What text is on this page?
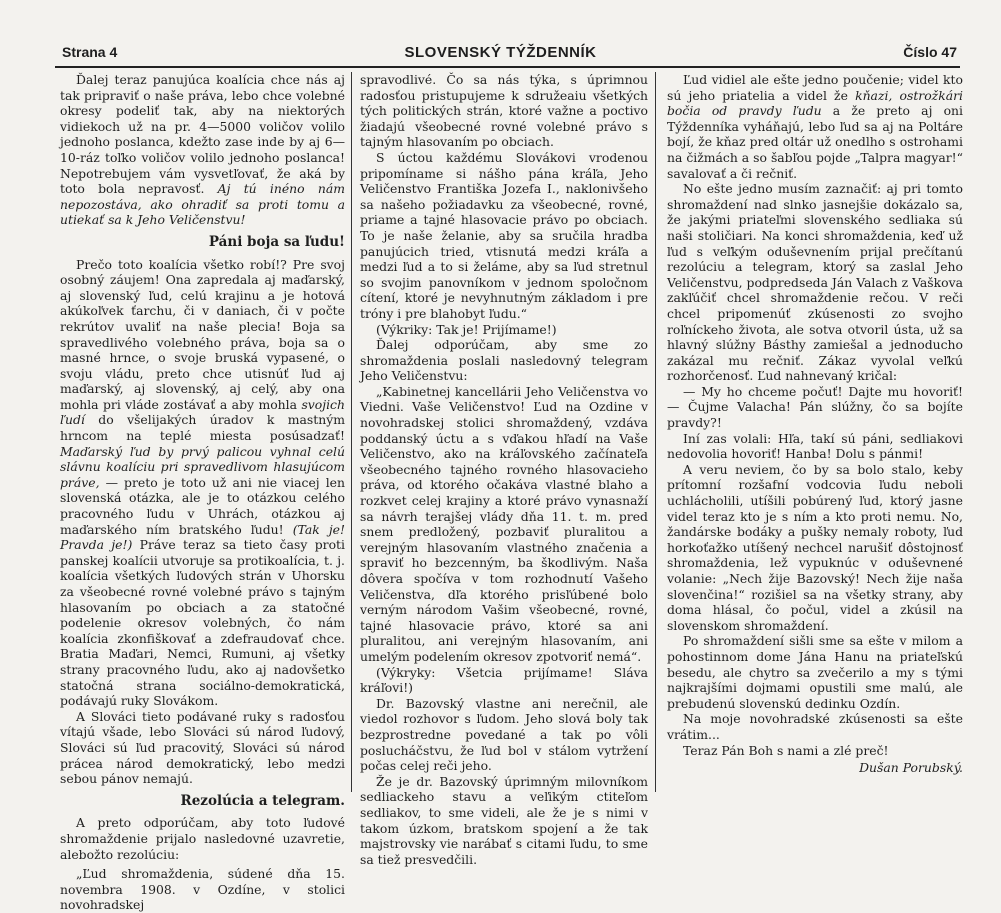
Strana 4	SLOVENSKÝ TÝŽDENNÍK	Číslo 47

Ďalej teraz panujúca koalícia chce nás aj tak pripraviť o naše práva, lebo chce volebné okresy podeliť tak, aby na niektorých vidiekoch už na pr. 4—5000 voličov volilo jednoho poslanca, kdežto zase inde by aj 6—10-ráz toľko voličov volilo jednoho poslanca! Nepotrebujem vám vysvetľovať, že aká by toto bola nepravosť. Aj tú inéno nám nepozostáva, ako ohradiť sa proti tomu a utiekať sa k Jeho Veličenstvu!

Páni boja sa ľudu!

Prečo toto koalícia všetko robí!? Pre svoj osobný záujem! Ona zapredala aj maďarský, aj slovenský ľud, celú krajinu a je hotová akúkoľvek ťarchu, či v daniach, či v počte rekrútov uvaliť na naše plecia! Boja sa spravedlivého volebného práva, boja sa o masné hrnce, o svoje bruská vypasené, o svoju vládu, preto chce utisnúť ľud aj maďarský, aj slovenský, aj celý, aby ona mohla pri vláde zostávať a aby mohla svojich ľudí do všelijakých úradov k mastným hrncom na teplé miesta posúsadzať! Maďarský ľud by prvý palicou vyhnal celú slávnu koalíciu pri spravedlivom hlasujúcom práve, — preto je toto už ani nie viacej len slovenská otázka, ale je to otázkou celého pracovného ľudu v Uhrách, otázkou aj maďarského ním bratského ľudu! (Tak je! Pravda je!) Práve teraz sa tieto časy proti panskej koalícii utvoruje sa protikoalícia, t. j. koalícia všetkých ľudových strán v Uhorsku za všeobecné rovné volebné právo s tajným hlasovaním po obciach a za statočné podelenie okresov volebných, čo nám koalícia zkonfiškovať a zdefraudovať chce. Bratia Maďari, Nemci, Rumuni, aj všetky strany pracovného ľudu, ako aj nadovšetko statočná strana sociálno-demokratická, podávajú ruky Slovákom.

A Slováci tieto podávané ruky s radosťou vítajú všade, lebo Slováci sú národ ľudový, Slováci sú ľud pracovitý, Slováci sú národ prácea národ demokratický, lebo medzi sebou pánov nemajú.

Rezolúcia a telegram.

A preto odporúčam, aby toto ľudové shromaždenie prijalo nasledovné uzavretie, alebožto rezolúciu:

„Ľud shromaždenia, súdené dňa 15. novembra 1908. v Ozdíne, v stolici novohradskej

spravodlivé. Čo sa nás týka, s úprimnou radosťou pristupujeme k sdružeaiu všetkých tých politických strán, ktoré važne a poctivo žiadajú všeobecné rovné volebné právo s tajným hlasovaním po obciach.

S úctou každému Slovákovi vrodenou pripomíname si nášho pána kráľa, Jeho Veličenstvo Františka Jozefa I., naklonivšeho sa našeho požiadavku za všeobecné, rovné, priame a tajné hlasovacie právo po obciach. To je naše želanie, aby sa sručila hradba panujúcich tried, vtisnutá medzi kráľa a medzi ľud a to si želáme, aby sa ľud stretnul so svojim panovníkom v jednom spoločnom cítení, ktoré je nevyhnutným základom i pre tróny i pre blahobyt ľudu.“

(Výkriky: Tak je! Prijímame!)

Ďalej odporúčam, aby sme zo shromaždenia poslali nasledovný telegram Jeho Veličenstvu:

„Kabinetnej kancellárii Jeho Veličenstva vo Viedni. Vaše Veličenstvo! Ľud na Ozdine v novohradskej stolici shromaždený, vzdáva poddanský úctu a s vďakou hľadí na Vaše Veličenstvo, ako na kráľovského začínateľa všeobecného tajného rovného hlasovacieho práva, od ktorého očakáva vlastné blaho a rozkvet celej krajiny a ktoré právo vynasnaží sa návrh terajšej vlády dňa 11. t. m. pred snem predložený, pozbaviť pluralitou a verejným hlasovaním vlastného značenia a spraviť ho bezcenným, ba škodlivým. Naša dôvera spočíva v tom rozhodnutí Vašeho Veličenstva, dľa ktorého prisľúbené bolo verným národom Vašim všeobecné, rovné, tajné hlasovacie právo, ktoré sa ani pluralitou, ani verejným hlasovaním, ani umelým podelením okresov zpotvoriť nemá“.

(Výkryky: Všetcia prijímame! Sláva kráľovi!)

Dr. Bazovský vlastne ani nerečnil, ale viedol rozhovor s ľudom. Jeho slová boly tak bezprostredne povedané a tak po vôli poslucháčstvu, že ľud bol v stálom vytržení počas celej reči jeho.

Že je dr. Bazovský úprimným milovníkom sedliackeho stavu a veľikým ctiteľom sedliakov, to sme videli, ale že je s nimi v takom úzkom, bratskom spojení a že tak majstrovsky vie narábať s citami ľudu, to sme sa tiež presvedčili.

Ľud vidiel ale ešte jedno poučenie; videl kto sú jeho priatelia a videl že kňazi, ostrožkári bočia od pravdy ľudu a že preto aj oni Týždenníka vyháňajú, lebo ľud sa aj na Poltáre bojí, že kňaz pred oltár už onedlho s ostrohami na čižmách a so šabľou pojde „Talpra magyar!“ savalovať a či rečniť.

No ešte jedno musím zaznačiť: aj pri tomto shromaždení nad slnko jasnejšie dokázalo sa, že jakými priateľmi slovenského sedliaka sú naši stoličiari. Na konci shromaždenia, keď už ľud s veľkým oduševnením prijal prečítanú rezolúciu a telegram, ktorý sa zaslal Jeho Veličenstvu, podpredseda Ján Valach z Vaškova zakľúčiť chcel shromaždenie rečou. V reči chcel pripomenúť zkúsenosti zo svojho roľníckeho života, ale sotva otvoril ústa, už sa hlavný slúžny Básthy zamiešal a jednoducho zakázal mu rečniť. Zákaz vyvolal veľkú rozhorčenosť. Ľud nahnevaný kričal:

— My ho chceme počuť! Dajte mu hovoriť! — Čujme Valacha! Pán slúžny, čo sa bojíte pravdy?!

Iní zas volali: Hľa, takí sú páni, sedliakovi nedovolia hovoriť! Hanba! Dolu s pánmi!

A veru neviem, čo by sa bolo stalo, keby prítomní rozšafní vodcovia ľudu neboli uchlácholili, utíšili pobúrený ľud, ktorý jasne videl teraz kto je s ním a kto proti nemu. No, žandárske bodáky a pušky nemaly roboty, ľud horkoťažko utíšený nechcel narušiť dôstojnosť shromaždenia, lež vypuknúc v oduševnené volanie: „Nech žije Bazovský! Nech žije naša slovenčina!“ rozišiel sa na všetky strany, aby doma hlásal, čo počul, videl a zkúsil na slovenskom shromaždení.

Po shromaždení sišli sme sa ešte v milom a pohostinnom dome Jána Hanu na priateľskú besedu, ale chytro sa zvečerilo a my s tými najkrajšími dojmami opustili sme malú, ale prebudenú slovenskú dedinku Ozdín.

Na moje novohradské zkúsenosti sa ešte vrátim...

Teraz Pán Boh s nami a zlé preč!

Dušan Porubský.
